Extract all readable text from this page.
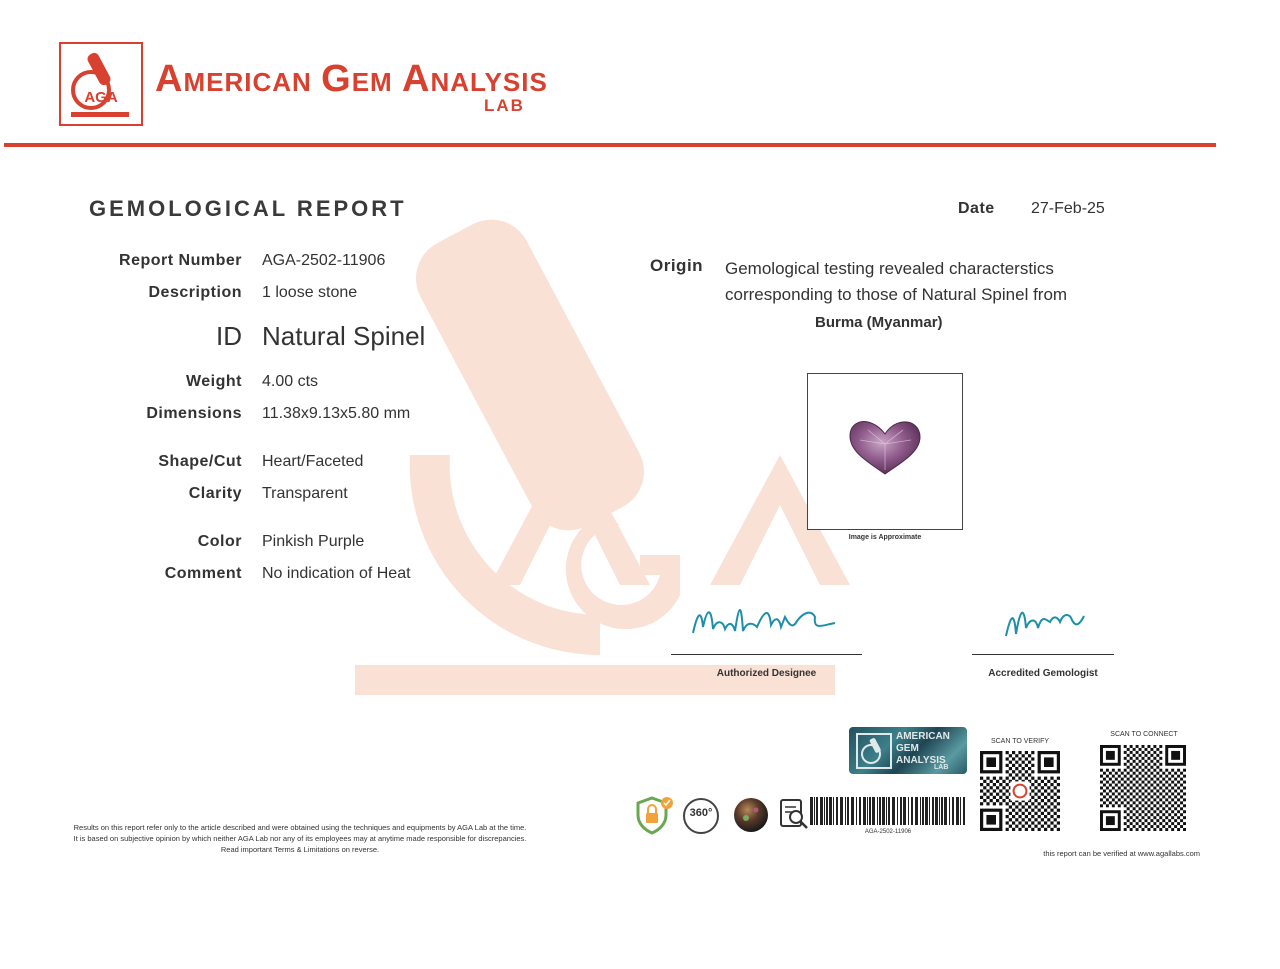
AGA AMERICAN GEM ANALYSIS
LAB
GEMOLOGICAL REPORT	Date 27-Feb-25
Report Number AGA-2502-11906
Description 1 loose stone
ID Natural Spinel
Weight 4.00 cts
Dimensions 11.38x9.13x5.80 mm
Shape/Cut Heart/Faceted
Clarity Transparent
Color Pinkish Purple
Comment No indication of Heat
Origin Gemological testing revealed characterstics corresponding to those of Natural Spinel from
Burma (Myanmar)
Image is Approximate
Authorized Designee	Accredited Gemologist
AMERICAN
GEM
ANALYSIS
LAB
360°
AGA-2502-11906
SCAN TO VERIFY
SCAN TO CONNECT
this report can be verified at www.agallabs.com
Results on this report refer only to the article described and were obtained using the techniques and equipments by AGA Lab at the time.
It is based on subjective opinion by which neither AGA Lab nor any of its employees may at anytime made responsible for discrepancies.
Read important Terms & Limitations on reverse.
